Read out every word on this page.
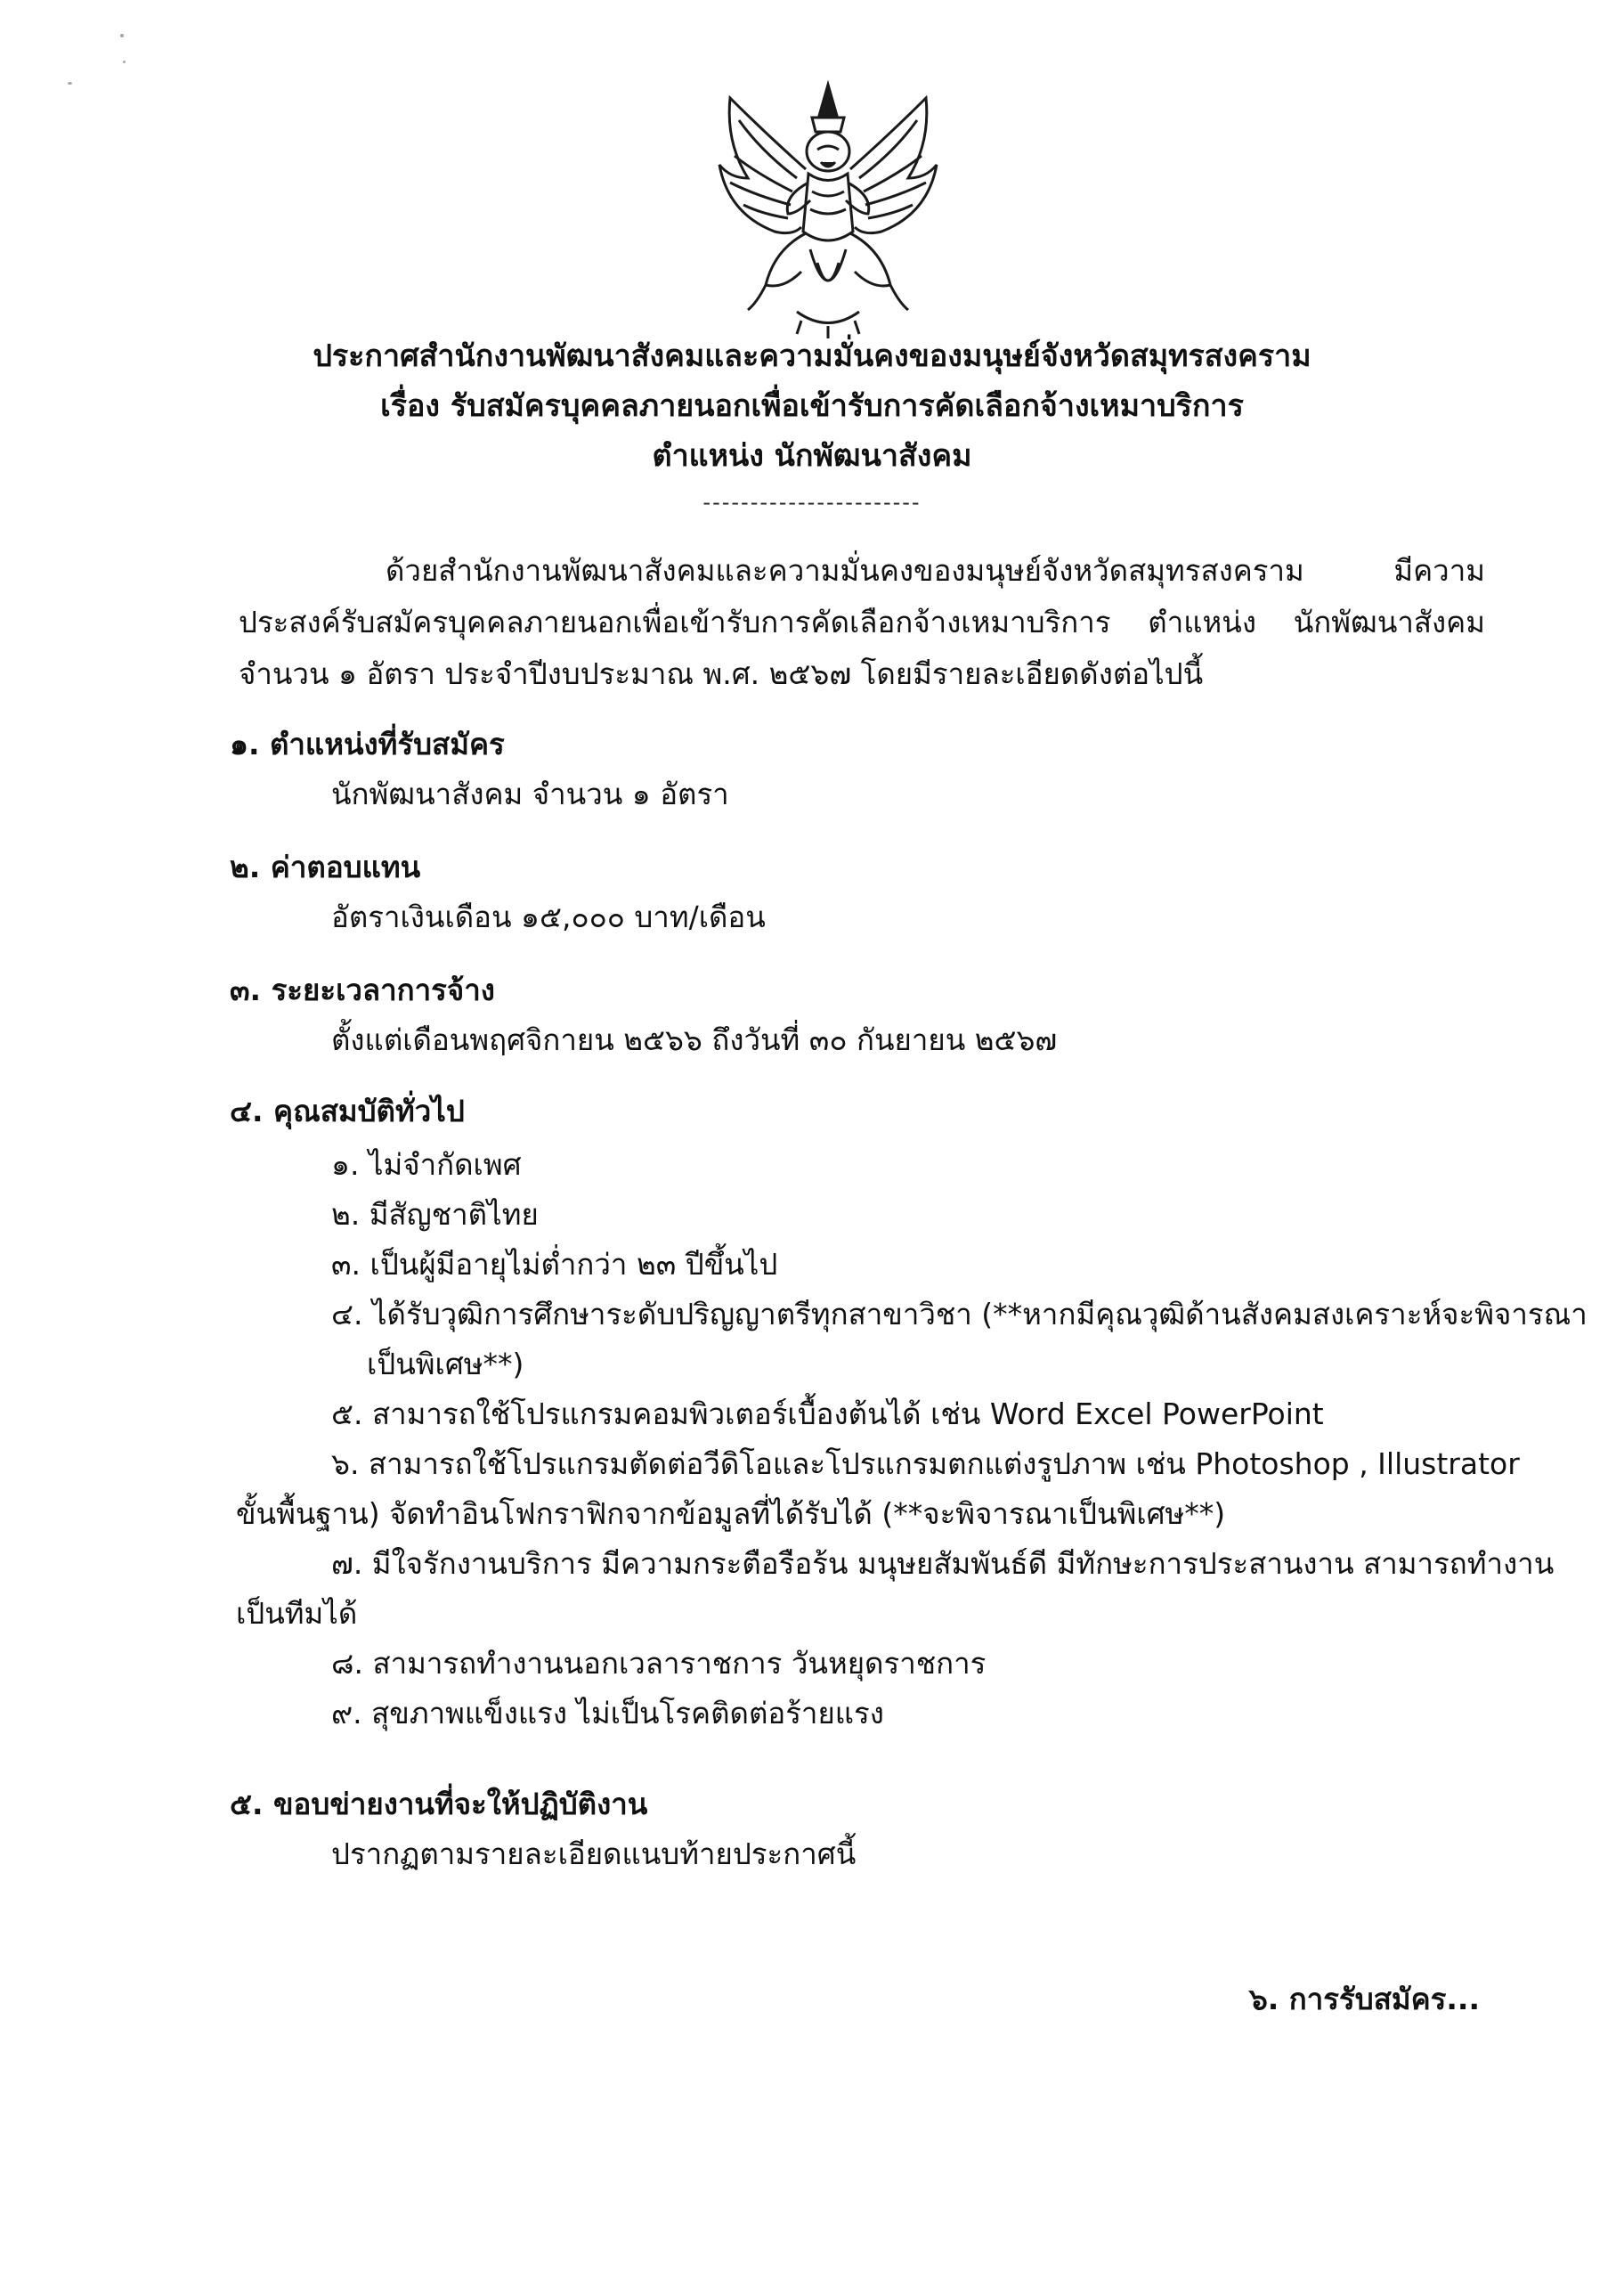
ประกาศสำนักงานพัฒนาสังคมและความมั่นคงของมนุษย์จังหวัดสมุทรสงคราม

เรื่อง รับสมัครบุคคลภายนอกเพื่อเข้ารับการคัดเลือกจ้างเหมาบริการ

ตำแหน่ง นักพัฒนาสังคม

-----------------------

ด้วยสำนักงานพัฒนาสังคมและความมั่นคงของมนุษย์จังหวัดสมุทรสงคราม มีความประสงค์รับสมัครบุคคลภายนอกเพื่อเข้ารับการคัดเลือกจ้างเหมาบริการ ตำแหน่ง นักพัฒนาสังคม จำนวน ๑ อัตรา ประจำปีงบประมาณ พ.ศ. ๒๕๖๗ โดยมีรายละเอียดดังต่อไปนี้

๑. ตำแหน่งที่รับสมัคร

นักพัฒนาสังคม จำนวน ๑ อัตรา

๒. ค่าตอบแทน

อัตราเงินเดือน ๑๕,๐๐๐ บาท/เดือน

๓. ระยะเวลาการจ้าง

ตั้งแต่เดือนพฤศจิกายน ๒๕๖๖ ถึงวันที่ ๓๐ กันยายน ๒๕๖๗

๔. คุณสมบัติทั่วไป

๑. ไม่จำกัดเพศ

๒. มีสัญชาติไทย

๓. เป็นผู้มีอายุไม่ต่ำกว่า ๒๓ ปีขึ้นไป

๔. ได้รับวุฒิการศึกษาระดับปริญญาตรีทุกสาขาวิชา (**หากมีคุณวุฒิด้านสังคมสงเคราะห์จะพิจารณา

เป็นพิเศษ**)

๕. สามารถใช้โปรแกรมคอมพิวเตอร์เบื้องต้นได้ เช่น Word Excel PowerPoint

๖. สามารถใช้โปรแกรมตัดต่อวีดิโอและโปรแกรมตกแต่งรูปภาพ เช่น Photoshop , Illustrator

ขั้นพื้นฐาน) จัดทำอินโฟกราฟิกจากข้อมูลที่ได้รับได้ (**จะพิจารณาเป็นพิเศษ**)

๗. มีใจรักงานบริการ มีความกระตือรือร้น มนุษยสัมพันธ์ดี มีทักษะการประสานงาน สามารถทำงาน

เป็นทีมได้

๘. สามารถทำงานนอกเวลาราชการ วันหยุดราชการ

๙. สุขภาพแข็งแรง ไม่เป็นโรคติดต่อร้ายแรง

๕. ขอบข่ายงานที่จะให้ปฏิบัติงาน

ปรากฏตามรายละเอียดแนบท้ายประกาศนี้

๖. การรับสมัคร...
